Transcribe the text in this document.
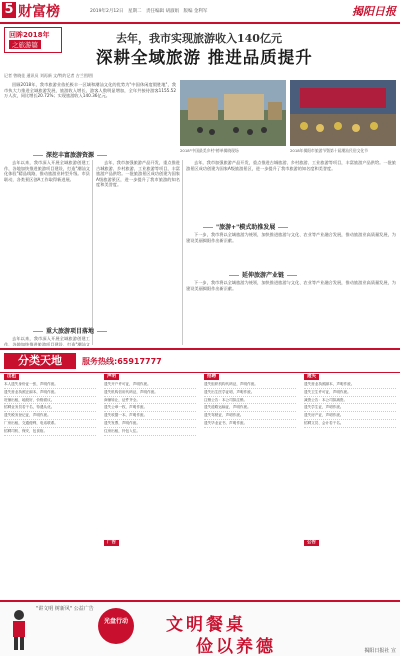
5 财富榜	2019年2月12日　星期二　责任编辑 胡淑娟　版编 金利军	揭阳日报
回眸2018年
之旅游篇	去年，我市实现旅游收入140亿元
深耕全域旅游 推进品质提升
记者 曾晓佳 通讯员 刘再新 文/特约记者 吉兰图/图

回顾2018年，我市旅游业依托极丰一区域和潮汕文化的优势为"中国休闲度假胜地"，我市执大力推进全域旅游发展，旅游收入增长，游客人数明显增加，全年共接待游客1155.52万人次，同比增长20.72%；实现旅游收入140.36亿元。

2018"中国最美乡村"榜单揭晓现场	2018年揭阳市旅游节暨第十届潮汕民俗文化节
深挖丰富旅游资源

去年以来，我市深入开展全域旅游创建工作，各地加快推进旅游项目建设，打造"潮汕文化体验"精品线路，推动旅游业转型升级。市县联动，各类景区创A工作取得新进展。

去年，我市加强旅游产品开发，重点推进古城旅游、乡村旅游、工业旅游等项目，丰富旅游产品供给。一批旅游景区成功创建为国家A级旅游景区，进一步提升了我市旅游的知名度和美誉度。

重大旅游项目落地

去年以来，我市深入开展全域旅游创建工作，各地加快推进旅游项目建设，打造"潮汕文

"旅游+"模式助推发展

去年，我市加强旅游产品开发，重点推进古城旅游、乡村旅游、工业旅游等项目，丰富旅游产品供给。一批旅游景区成功创建为国家A级旅游景区，进一步提升了我市旅游的知名度和美誉度。

下一步，我市将以全域旅游为统领，加快推进旅游与文化、农业等产业融合发展，推动旅游业高质量发展，为建设美丽揭阳作出新贡献。

延伸旅游产业链

下一步，我市将以全域旅游为统领，加快推进旅游与文化、农业等产业融合发展，推动旅游业高质量发展，为建设美丽揭阳作出新贡献。

分类天地	服务热线:65917777
出租
本人遗失身份证一张，声明作废。
遗失营业执照正副本，声明作废。
旺铺出租，地段好，价格面议。
招聘业务员若干名，待遇从优。
遗失税务登记证，声明作废。
厂房出租，交通便利，电话联系。
招聘司机、保安，包食宿。
声明
遗失开户许可证，声明作废。
遗失机构信用代码证，声明作废。
商铺转让，证件齐全。
遗失公章一枚，声明作废。
遗失收据一本，声明作废。
遗失发票，声明作废。
住房出租，拎包入住。
招聘
遗失组织机构代码证，声明作废。
遗失出生医学证明，声明作废。
注销公告：本公司拟注销。
遗失道路运输证，声明作废。
遗失驾驶证，声明作废。
遗失毕业证书，声明作废。
遗失
遗失营业执照副本，声明作废。
遗失卫生许可证，声明作废。
减资公告：本公司拟减资。
遗失学生证，声明作废。
遗失房产证，声明作废。
招聘文员、会计若干名。
广告	公告
"讲文明 树新风" 公益广告
光盘行动	文明餐桌
俭以养德	揭阳日报社 宣
